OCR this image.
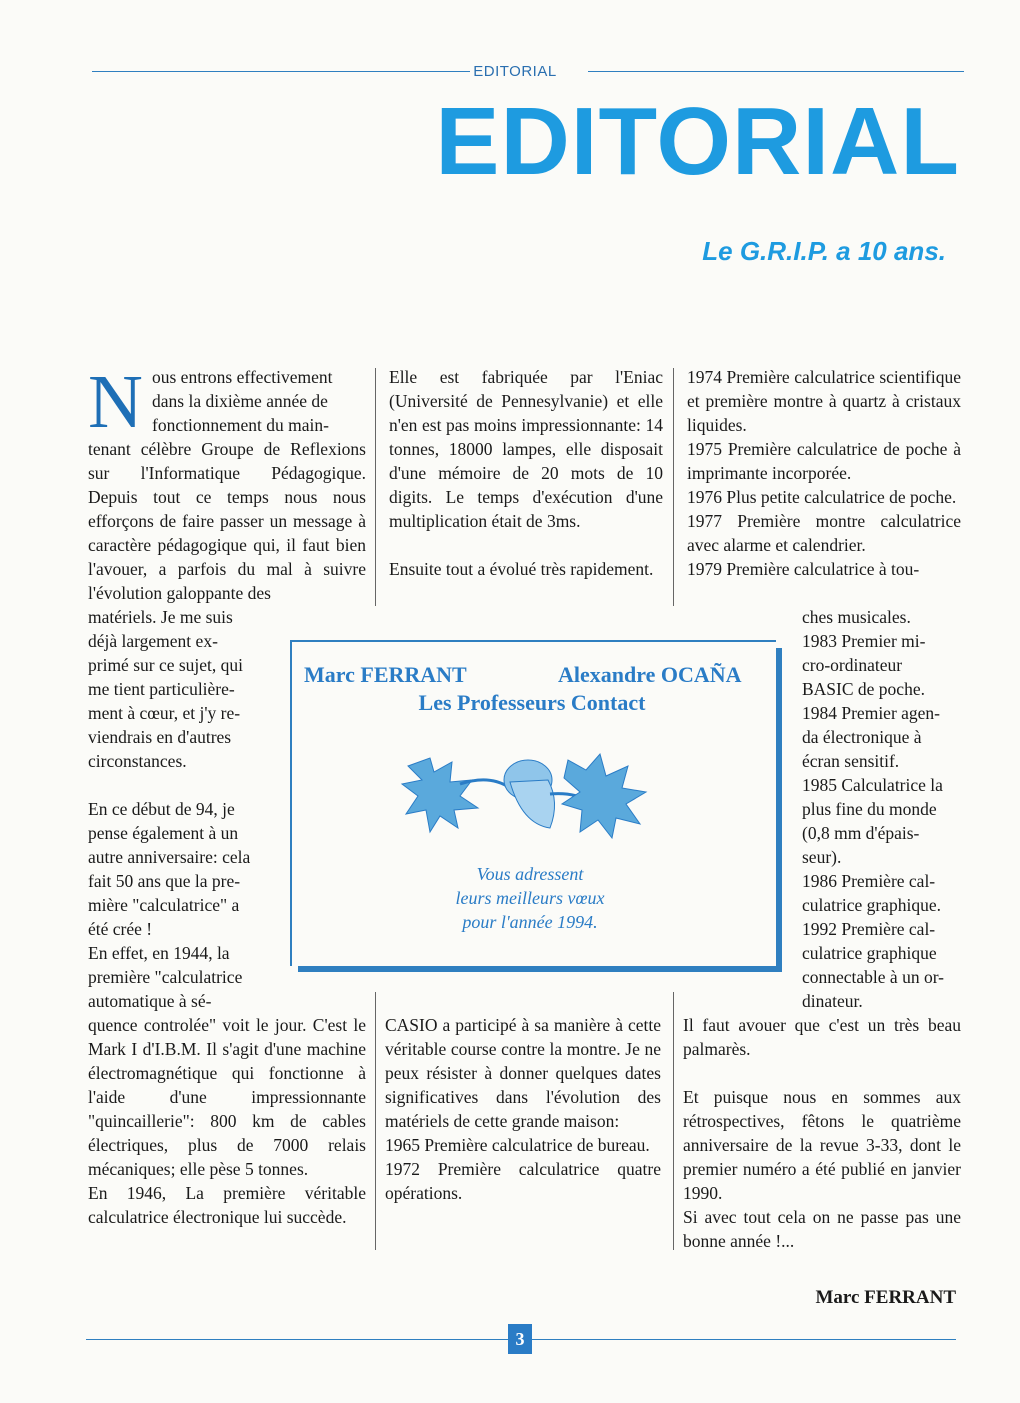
EDITORIAL
EDITORIAL
Le G.R.I.P. a 10 ans.
N ous entrons effectivement

dans la dixième année de

fonctionnement du main-

tenant célèbre Groupe de Reflexions sur l'Informatique Pédagogique. Depuis tout ce temps nous nous efforçons de faire passer un message à caractère pédagogique qui, il faut bien l'avouer, a parfois du mal à suivre l'évolution galoppante des

matériels. Je me suis

déjà largement ex-

primé sur ce sujet, qui

me tient particulière-

ment à cœur, et j'y re-

viendrais en d'autres

circonstances.

En ce début de 94, je

pense également à un

autre anniversaire: cela

fait 50 ans que la pre-

mière "calculatrice" a

été crée !

En effet, en 1944, la

première "calculatrice

automatique à sé-

quence controlée" voit le jour. C'est le Mark I d'I.B.M. Il s'agit d'une machine électromagnétique qui fonctionne à l'aide d'une impressionnante "quincaillerie": 800 km de cables électriques, plus de 7000 relais mécaniques; elle pèse 5 tonnes.

En 1946, La première véritable calculatrice électronique lui succède.

Elle est fabriquée par l'Eniac (Université de Pennesylvanie) et elle n'en est pas moins impressionnante: 14 tonnes, 18000 lampes, elle disposait d'une mémoire de 20 mots de 10 digits. Le temps d'exécution d'une multiplication était de 3ms.

Ensuite tout a évolué très rapidement.

CASIO a participé à sa manière à cette véritable course contre la montre. Je ne peux résister à donner quelques dates significatives dans l'évolution des matériels de cette grande maison:

1965 Première calculatrice de bureau.

1972 Première calculatrice quatre opérations.

1974 Première calculatrice scientifique et première montre à quartz à cristaux liquides.

1975 Première calculatrice de poche à imprimante incorporée.

1976 Plus petite calculatrice de poche.

1977 Première montre calculatrice avec alarme et calendrier.

1979 Première calculatrice à tou-

ches musicales.

1983 Premier mi-

cro-ordinateur

BASIC de poche.

1984 Premier agen-

da électronique à

écran sensitif.

1985 Calculatrice la

plus fine du monde

(0,8 mm d'épais-

seur).

1986 Première cal-

culatrice graphique.

1992 Première cal-

culatrice graphique

connectable à un or-

dinateur.

Il faut avouer que c'est un très beau palmarès.

Et puisque nous en sommes aux rétrospectives, fêtons le quatrième anniversaire de la revue 3-33, dont le premier numéro a été publié en janvier 1990.

Si avec tout cela on ne passe pas une bonne année !...

Marc FERRANT	Alexandre OCAÑA
Les Professeurs Contact
Vous adressent
leurs meilleurs vœux
pour l'année 1994.
Marc FERRANT
3
